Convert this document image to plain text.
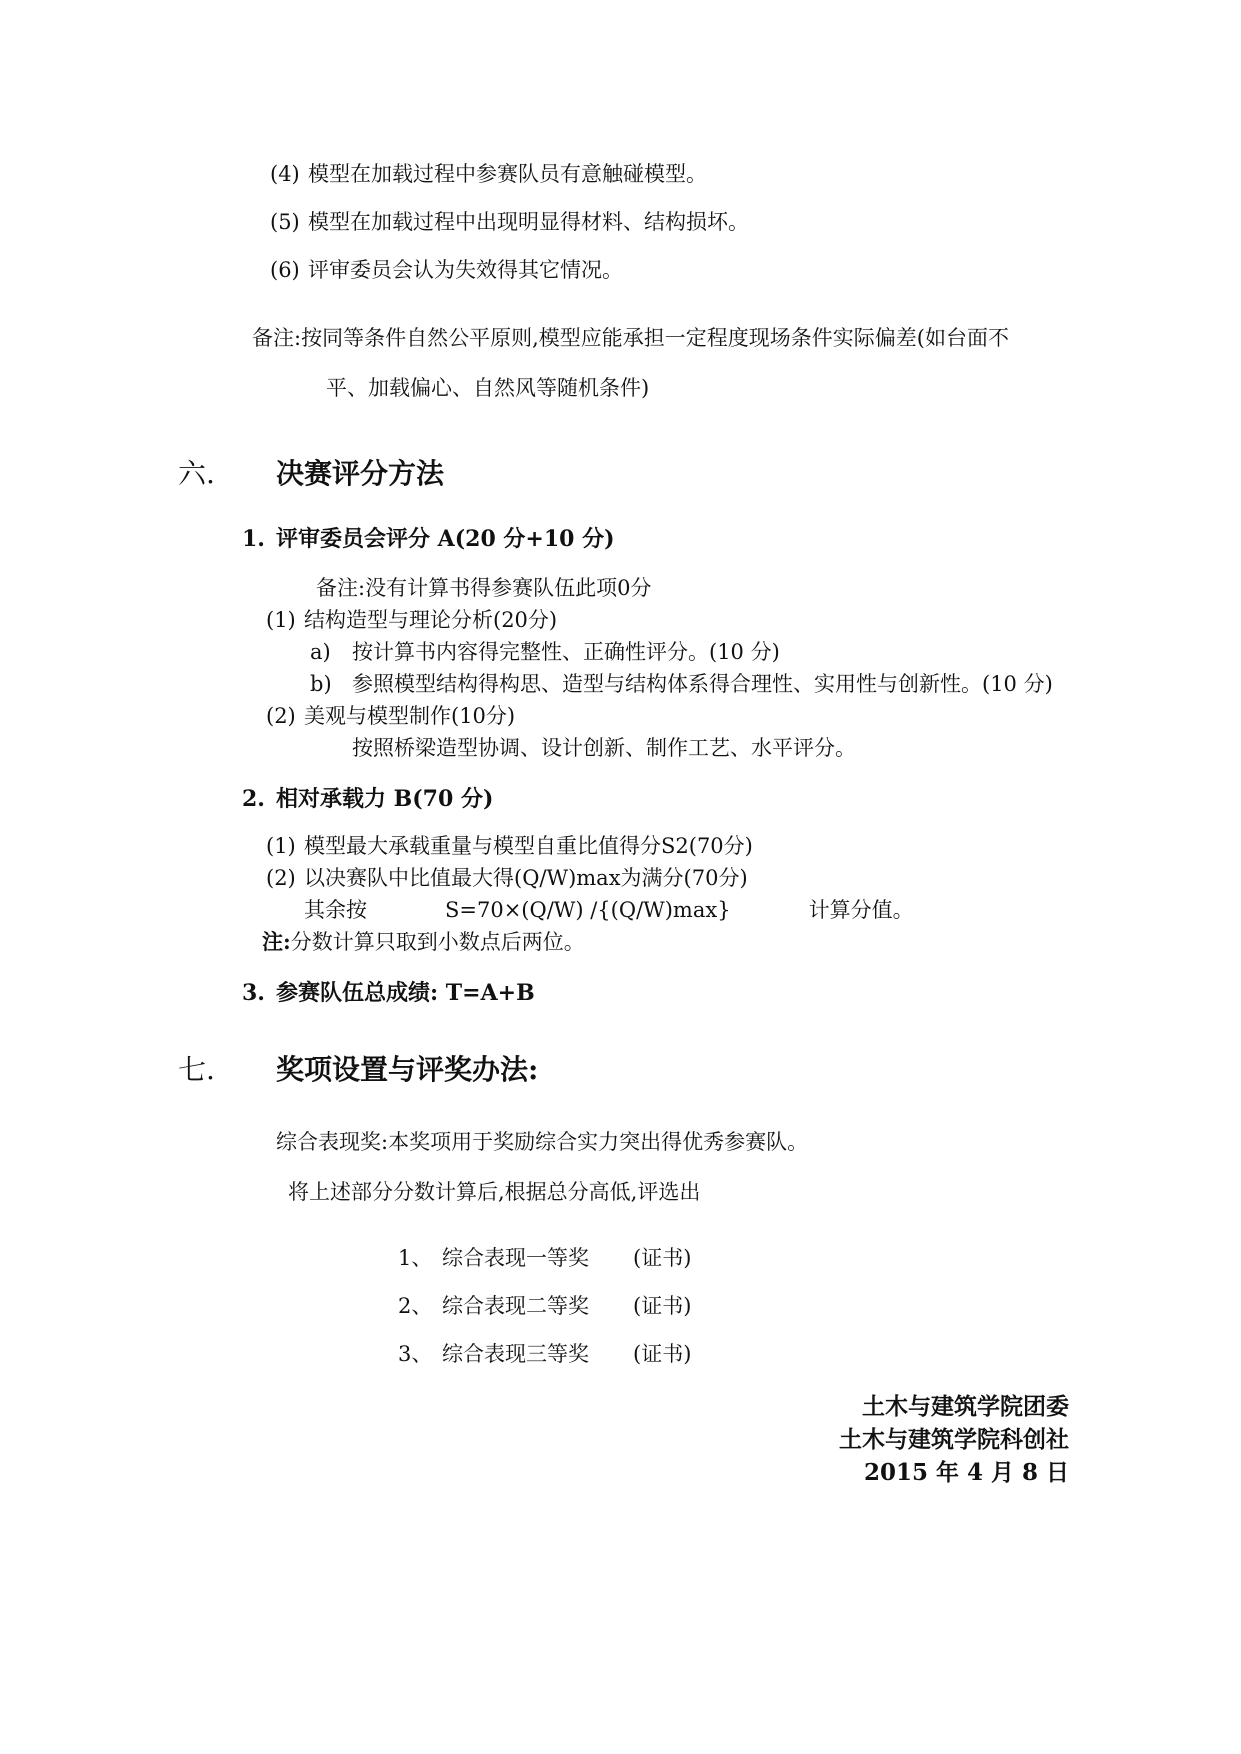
(4) 模型在加载过程中参赛队员有意触碰模型。
(5) 模型在加载过程中出现明显得材料、结构损坏。
(6) 评审委员会认为失效得其它情况。
备注:按同等条件自然公平原则,模型应能承担一定程度现场条件实际偏差(如台面不
平、加载偏心、自然风等随机条件)
六. 决赛评分方法
1. 评审委员会评分 A(20 分+10 分)
备注:没有计算书得参赛队伍此项0分
(1) 结构造型与理论分析(20分)
a) 按计算书内容得完整性、正确性评分。(10 分)
b) 参照模型结构得构思、造型与结构体系得合理性、实用性与创新性。(10 分)
(2) 美观与模型制作(10分)
按照桥梁造型协调、设计创新、制作工艺、水平评分。
2. 相对承载力 B(70 分)
(1) 模型最大承载重量与模型自重比值得分S2(70分)
(2) 以决赛队中比值最大得(Q/W)max为满分(70分)
其余按	S=70×(Q/W) /{(Q/W)max}	计算分值。
注:分数计算只取到小数点后两位。
3. 参赛队伍总成绩: T=A+B
七. 奖项设置与评奖办法:
综合表现奖:本奖项用于奖励综合实力突出得优秀参赛队。
将上述部分分数计算后,根据总分高低,评选出
1、 综合表现一等奖 (证书)
2、 综合表现二等奖 (证书)
3、 综合表现三等奖 (证书)
土木与建筑学院团委
土木与建筑学院科创社
2015 年 4 月 8 日
